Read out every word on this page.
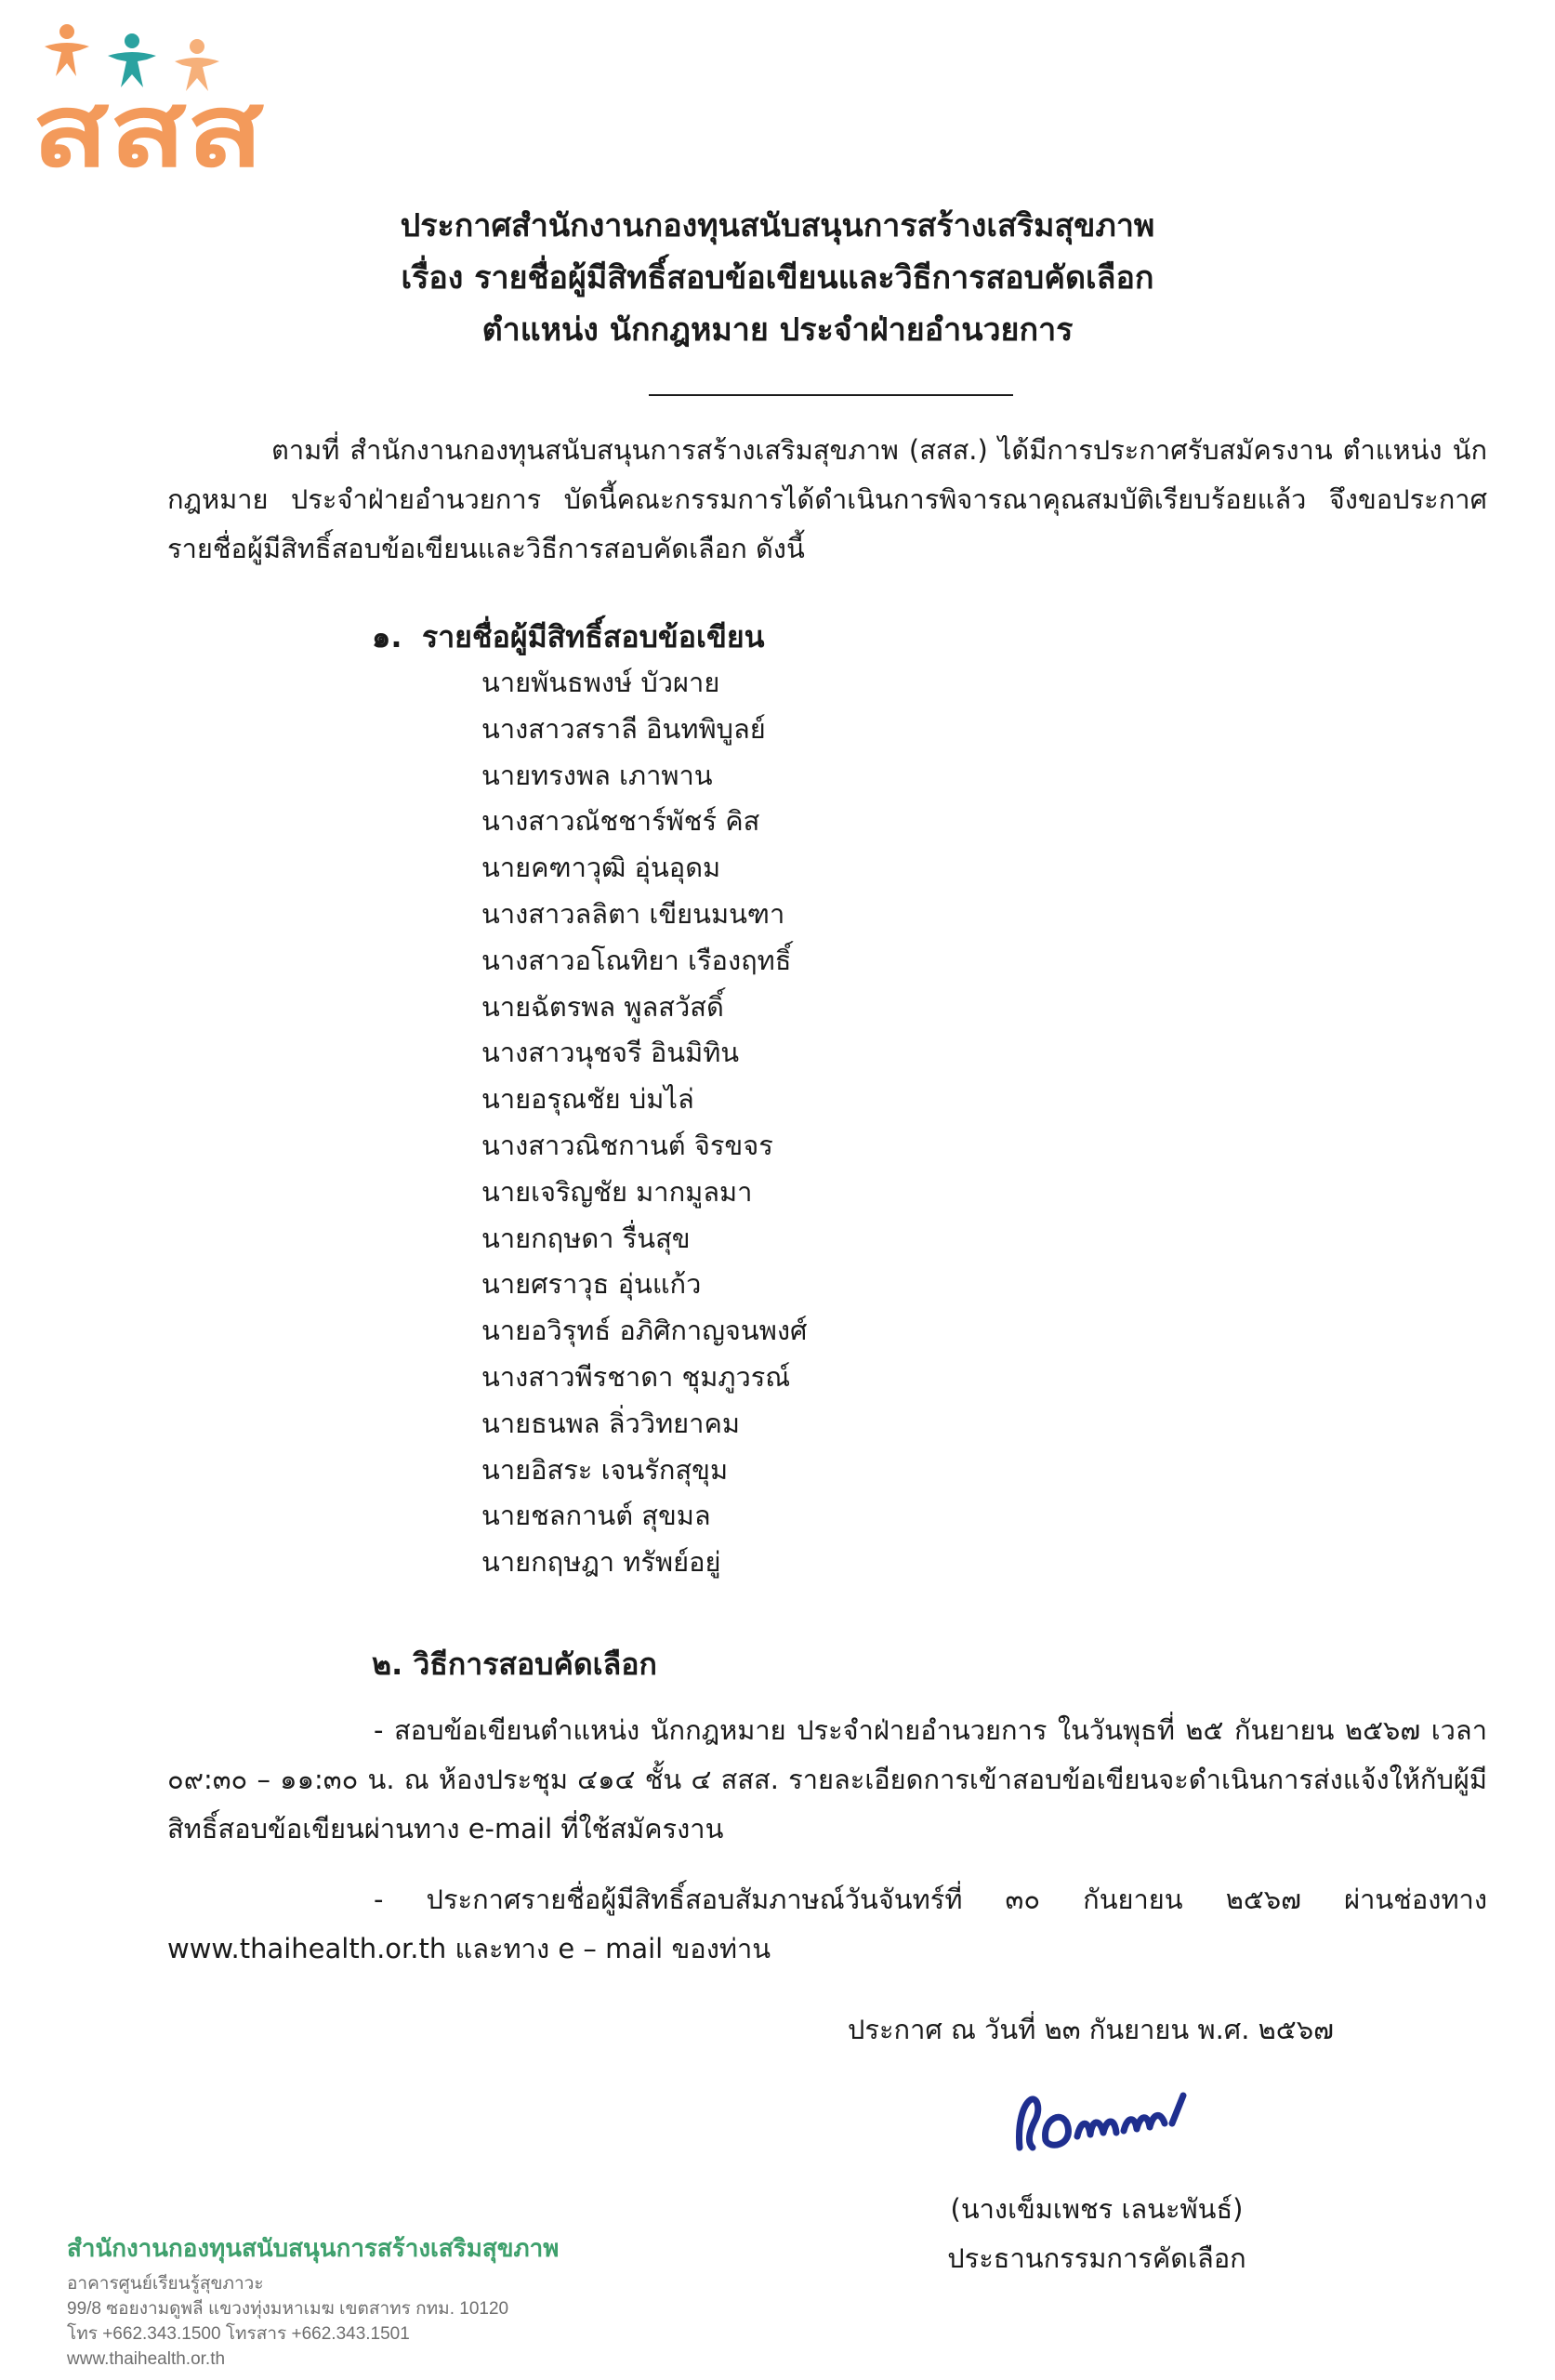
สสส
ประกาศสำนักงานกองทุนสนับสนุนการสร้างเสริมสุขภาพ
เรื่อง รายชื่อผู้มีสิทธิ์สอบข้อเขียนและวิธีการสอบคัดเลือก
ตำแหน่ง นักกฎหมาย ประจำฝ่ายอำนวยการ
ตามที่ สำนักงานกองทุนสนับสนุนการสร้างเสริมสุขภาพ (สสส.) ได้มีการประกาศรับสมัครงาน ตำแหน่ง นักกฎหมาย ประจำฝ่ายอำนวยการ บัดนี้คณะกรรมการได้ดำเนินการพิจารณาคุณสมบัติเรียบร้อยแล้ว จึงขอประกาศรายชื่อผู้มีสิทธิ์สอบข้อเขียนและวิธีการสอบคัดเลือก ดังนี้
๑. รายชื่อผู้มีสิทธิ์สอบข้อเขียน
นายพันธพงษ์ บัวผาย
นางสาวสราลี อินทพิบูลย์
นายทรงพล เภาพาน
นางสาวณัชชาร์พัชร์ คิส
นายคฑาวุฒิ อุ่นอุดม
นางสาวลลิตา เขียนมนฑา
นางสาวอโณทิยา เรืองฤทธิ์
นายฉัตรพล พูลสวัสดิ์
นางสาวนุชจรี อินมิทิน
นายอรุณชัย บ่มไล่
นางสาวณิชกานต์ จิรขจร
นายเจริญชัย มากมูลมา
นายกฤษดา รื่นสุข
นายศราวุธ อุ่นแก้ว
นายอวิรุทธ์ อภิศิกาญจนพงศ์
นางสาวพีรชาดา ชุมภูวรณ์
นายธนพล ลิ่ววิทยาคม
นายอิสระ เจนรักสุขุม
นายชลกานต์ สุขมล
นายกฤษฎา ทรัพย์อยู่
๒. วิธีการสอบคัดเลือก
- สอบข้อเขียนตำแหน่ง นักกฎหมาย ประจำฝ่ายอำนวยการ ในวันพุธที่ ๒๕ กันยายน ๒๕๖๗ เวลา ๐๙:๓๐ – ๑๑:๓๐ น. ณ ห้องประชุม ๔๑๔ ชั้น ๔ สสส. รายละเอียดการเข้าสอบข้อเขียนจะดำเนินการส่งแจ้งให้กับผู้มีสิทธิ์สอบข้อเขียนผ่านทาง e-mail ที่ใช้สมัครงาน
- ประกาศรายชื่อผู้มีสิทธิ์สอบสัมภาษณ์วันจันทร์ที่ ๓๐ กันยายน ๒๕๖๗ ผ่านช่องทาง www.thaihealth.or.th และทาง e – mail ของท่าน
ประกาศ ณ วันที่ ๒๓ กันยายน พ.ศ. ๒๕๖๗
(นางเข็มเพชร เลนะพันธ์)
ประธานกรรมการคัดเลือก
สำนักงานกองทุนสนับสนุนการสร้างเสริมสุขภาพ
อาคารศูนย์เรียนรู้สุขภาวะ
99/8 ซอยงามดูพลี แขวงทุ่งมหาเมฆ เขตสาทร กทม. 10120
โทร +662.343.1500 โทรสาร +662.343.1501
www.thaihealth.or.th
